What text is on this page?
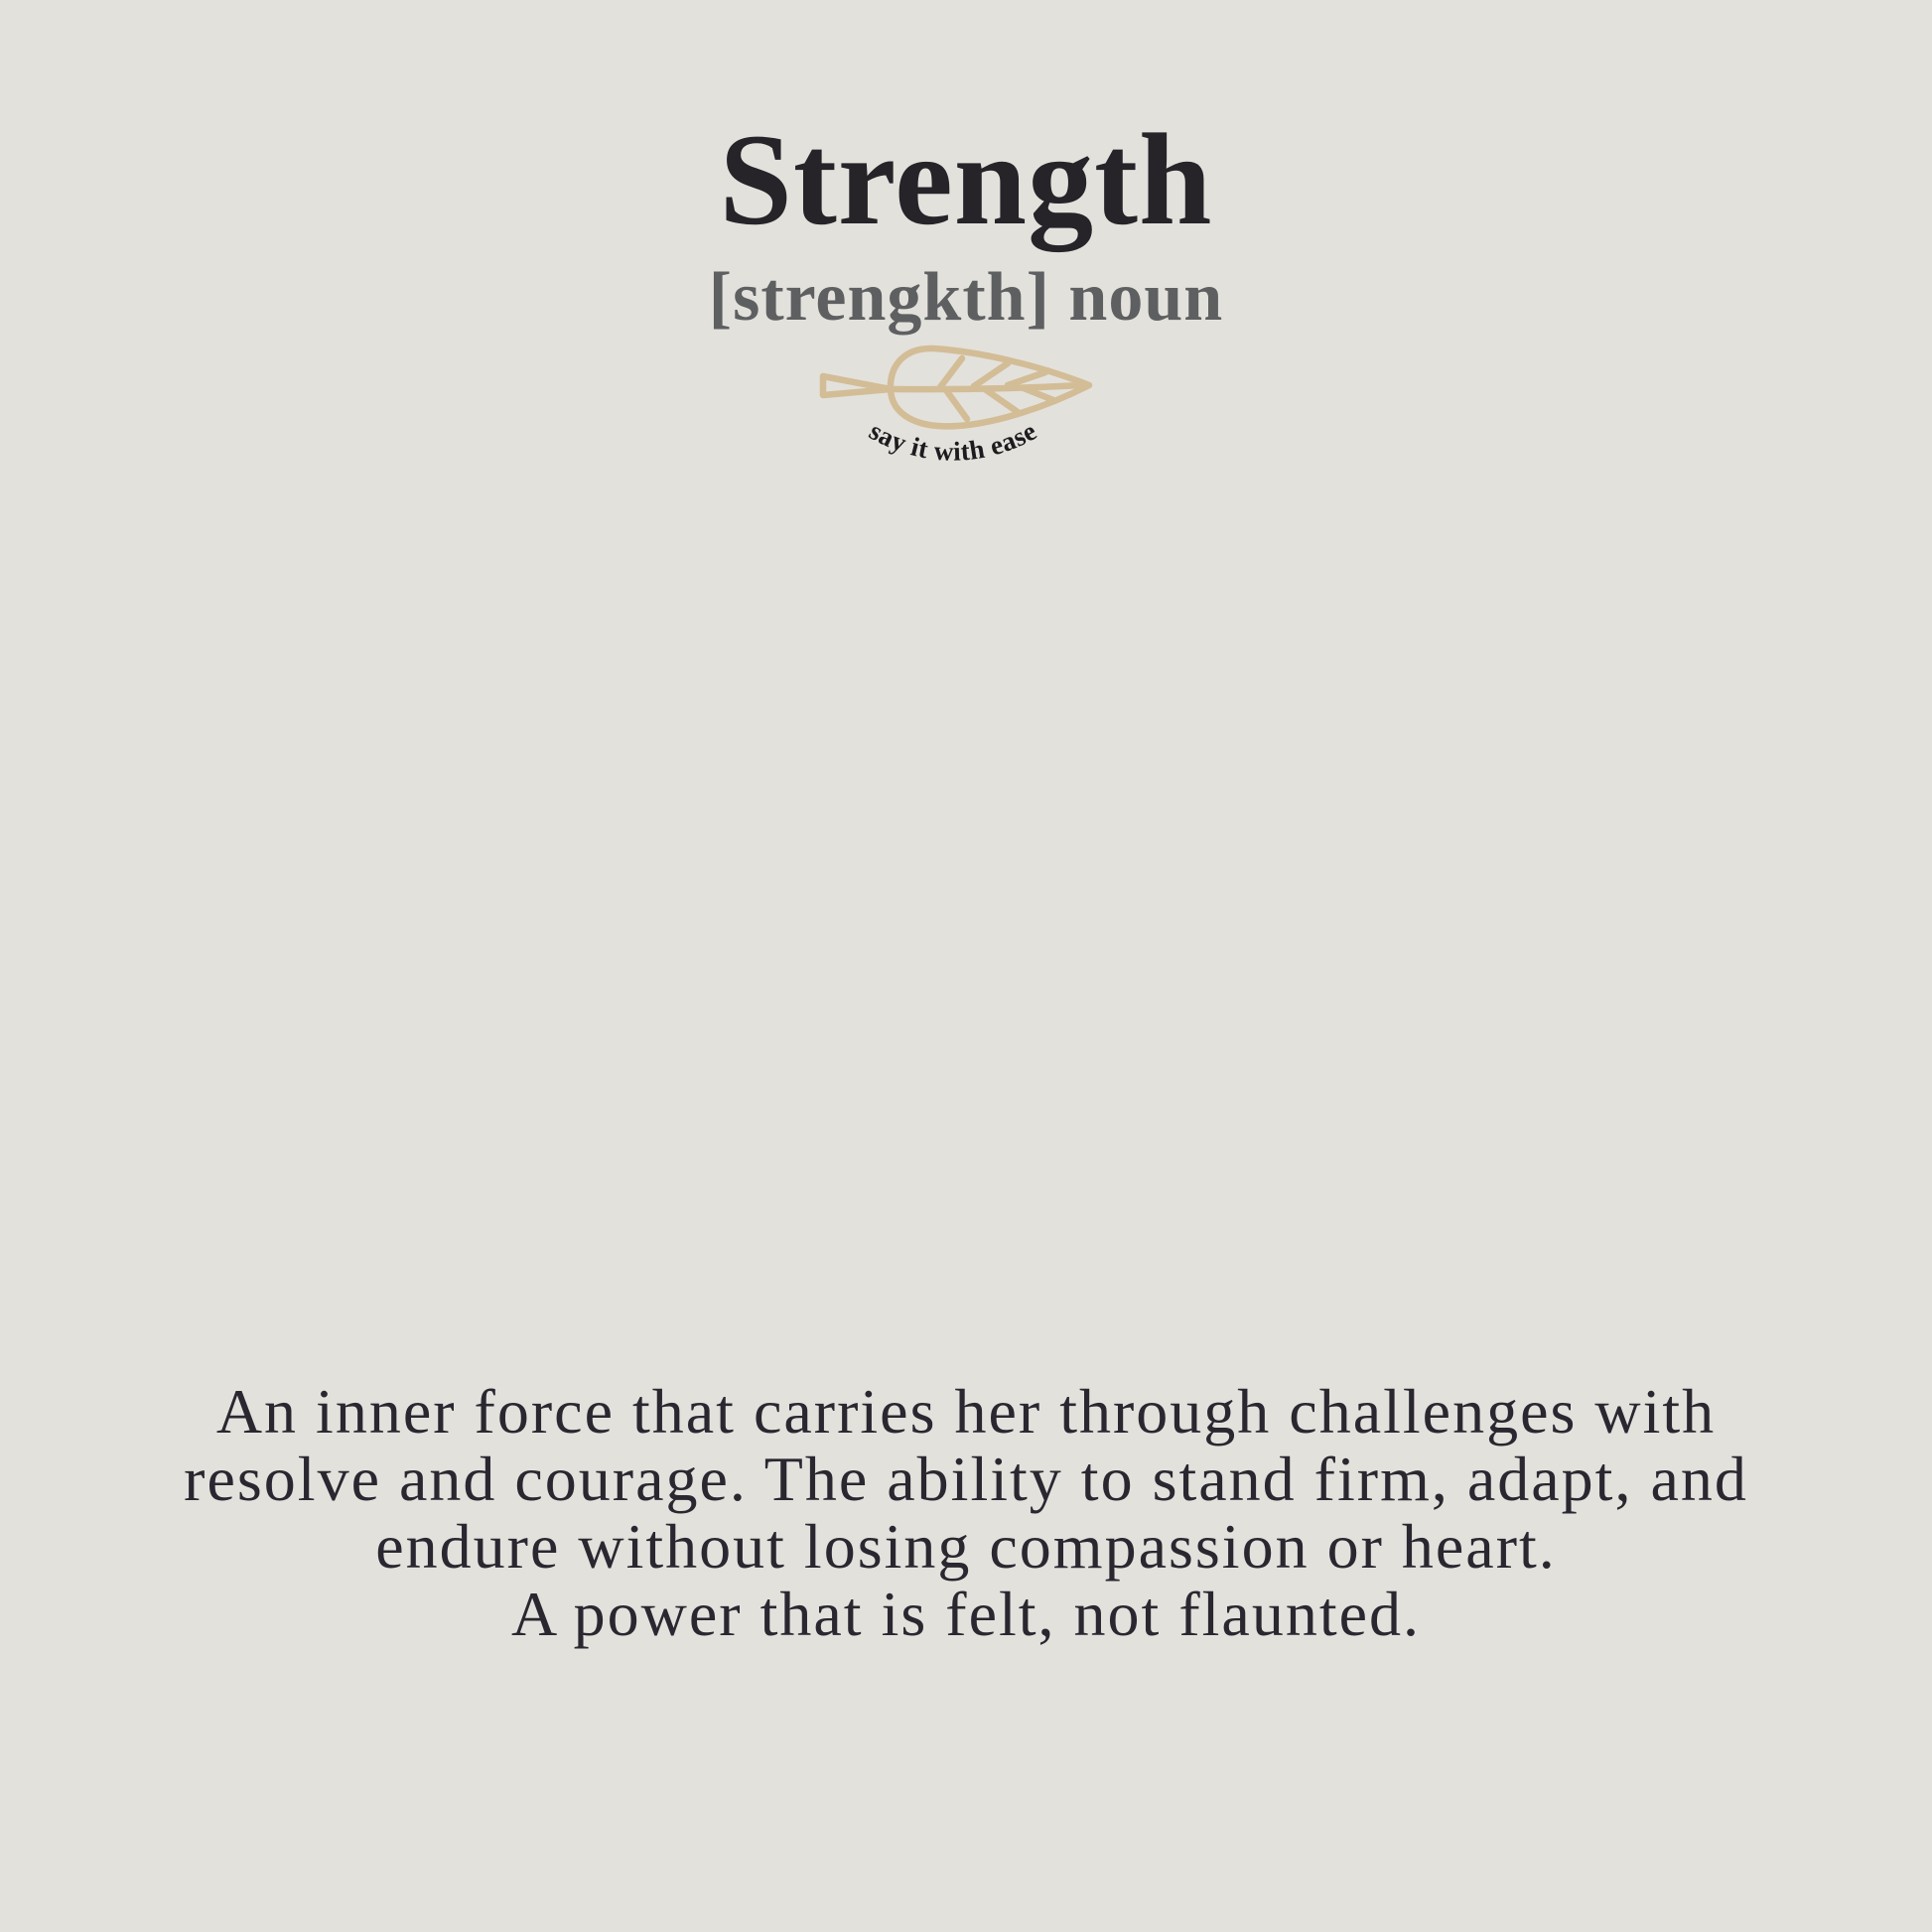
Strength
[strengkth] noun
say it with ease
An inner force that carries her through challenges with
resolve and courage. The ability to stand firm, adapt, and
endure without losing compassion or heart.
A power that is felt, not flaunted.
